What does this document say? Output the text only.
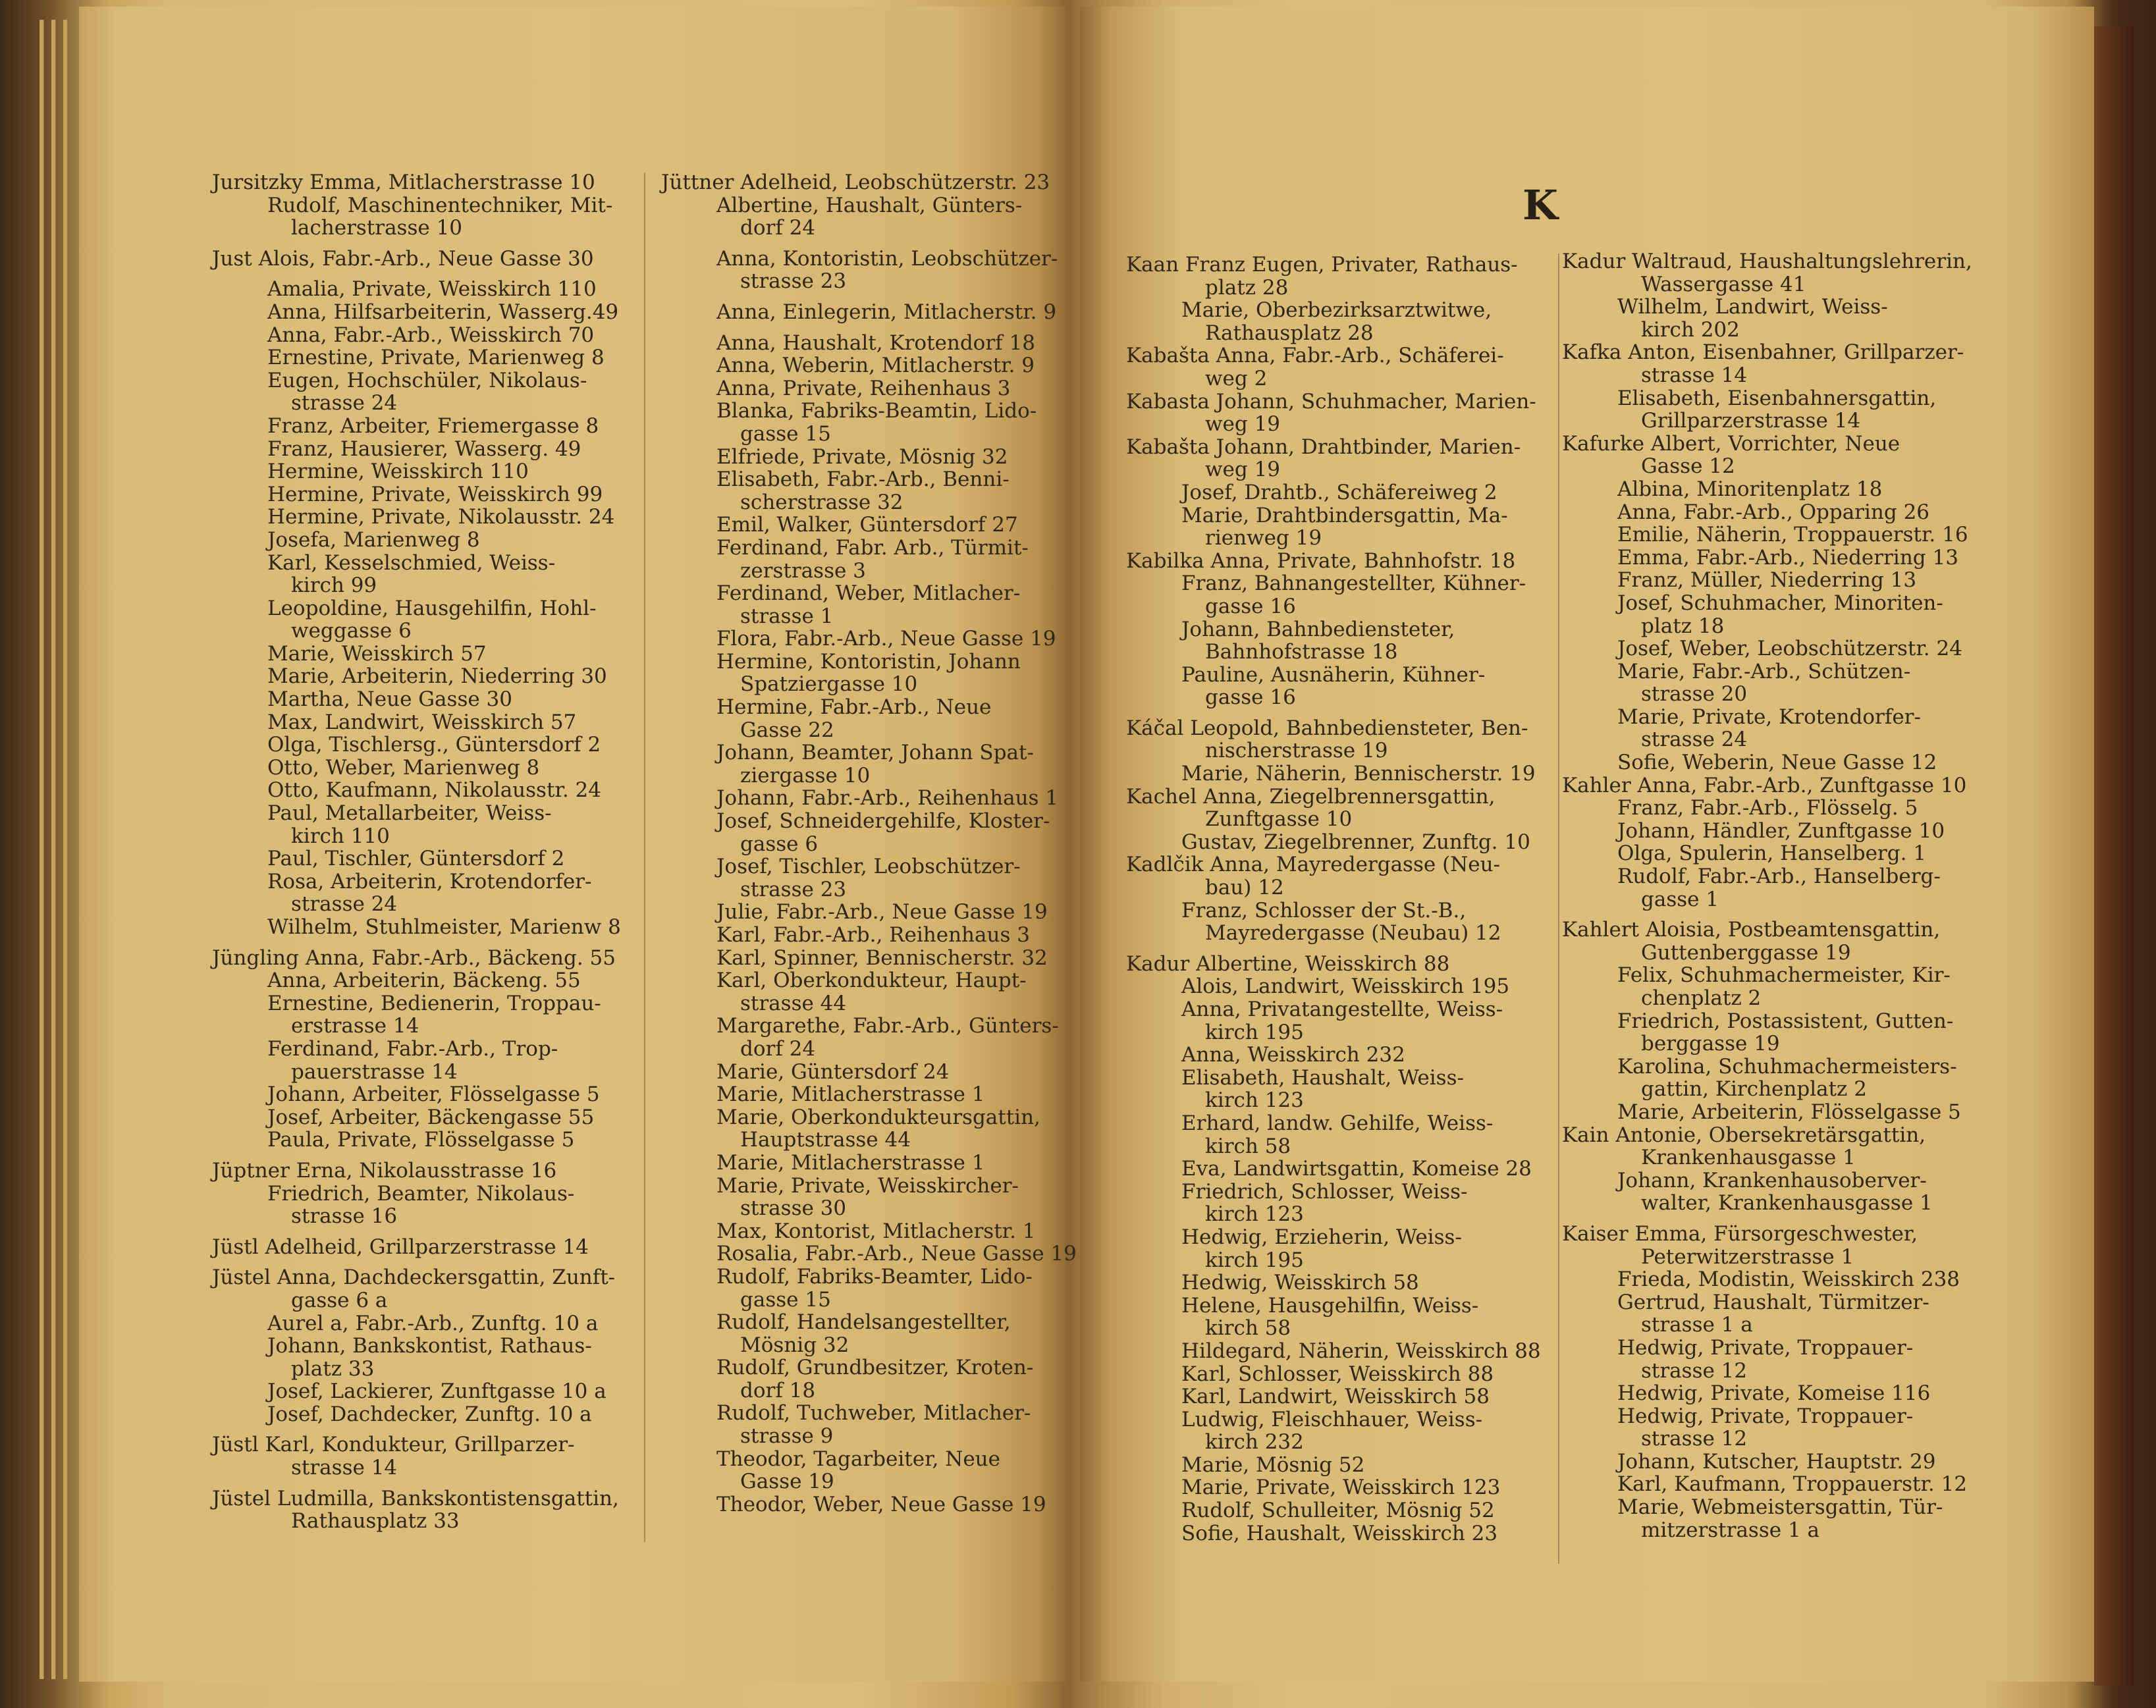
K
Jursitzky Emma, Mitlacherstrasse 10
Rudolf, Maschinentechniker, Mit-
lacherstrasse 10
Just Alois, Fabr.-Arb., Neue Gasse 30
Amalia, Private, Weisskirch 110
Anna, Hilfsarbeiterin, Wasserg.49
Anna, Fabr.-Arb., Weisskirch 70
Ernestine, Private, Marienweg 8
Eugen, Hochschüler, Nikolaus-
strasse 24
Franz, Arbeiter, Friemergasse 8
Franz, Hausierer, Wasserg. 49
Hermine, Weisskirch 110
Hermine, Private, Weisskirch 99
Hermine, Private, Nikolausstr. 24
Josefa, Marienweg 8
Karl, Kesselschmied, Weiss-
kirch 99
Leopoldine, Hausgehilfin, Hohl-
weggasse 6
Marie, Weisskirch 57
Marie, Arbeiterin, Niederring 30
Martha, Neue Gasse 30
Max, Landwirt, Weisskirch 57
Olga, Tischlersg., Güntersdorf 2
Otto, Weber, Marienweg 8
Otto, Kaufmann, Nikolausstr. 24
Paul, Metallarbeiter, Weiss-
kirch 110
Paul, Tischler, Güntersdorf 2
Rosa, Arbeiterin, Krotendorfer-
strasse 24
Wilhelm, Stuhlmeister, Marienw 8
Jüngling Anna, Fabr.-Arb., Bäckeng. 55
Anna, Arbeiterin, Bäckeng. 55
Ernestine, Bedienerin, Troppau-
erstrasse 14
Ferdinand, Fabr.-Arb., Trop-
pauerstrasse 14
Johann, Arbeiter, Flösselgasse 5
Josef, Arbeiter, Bäckengasse 55
Paula, Private, Flösselgasse 5
Jüptner Erna, Nikolausstrasse 16
Friedrich, Beamter, Nikolaus-
strasse 16
Jüstl Adelheid, Grillparzerstrasse 14
Jüstel Anna, Dachdeckersgattin, Zunft-
gasse 6 a
Aurel a, Fabr.-Arb., Zunftg. 10 a
Johann, Bankskontist, Rathaus-
platz 33
Josef, Lackierer, Zunftgasse 10 a
Josef, Dachdecker, Zunftg. 10 a
Jüstl Karl, Kondukteur, Grillparzer-
strasse 14
Jüstel Ludmilla, Bankskontistensgattin,
Rathausplatz 33
Jüttner Adelheid, Leobschützerstr. 23
Albertine, Haushalt, Günters-
dorf 24
Anna, Kontoristin, Leobschützer-
strasse 23
Anna, Einlegerin, Mitlacherstr. 9
Anna, Haushalt, Krotendorf 18
Anna, Weberin, Mitlacherstr. 9
Anna, Private, Reihenhaus 3
Blanka, Fabriks-Beamtin, Lido-
gasse 15
Elfriede, Private, Mösnig 32
Elisabeth, Fabr.-Arb., Benni-
scherstrasse 32
Emil, Walker, Güntersdorf 27
Ferdinand, Fabr. Arb., Türmit-
zerstrasse 3
Ferdinand, Weber, Mitlacher-
strasse 1
Flora, Fabr.-Arb., Neue Gasse 19
Hermine, Kontoristin, Johann
Spatziergasse 10
Hermine, Fabr.-Arb., Neue
Gasse 22
Johann, Beamter, Johann Spat-
ziergasse 10
Johann, Fabr.-Arb., Reihenhaus 1
Josef, Schneidergehilfe, Kloster-
gasse 6
Josef, Tischler, Leobschützer-
strasse 23
Julie, Fabr.-Arb., Neue Gasse 19
Karl, Fabr.-Arb., Reihenhaus 3
Karl, Spinner, Bennischerstr. 32
Karl, Oberkondukteur, Haupt-
strasse 44
Margarethe, Fabr.-Arb., Günters-
dorf 24
Marie, Güntersdorf 24
Marie, Mitlacherstrasse 1
Marie, Oberkondukteursgattin,
Hauptstrasse 44
Marie, Mitlacherstrasse 1
Marie, Private, Weisskircher-
strasse 30
Max, Kontorist, Mitlacherstr. 1
Rosalia, Fabr.-Arb., Neue Gasse 19
Rudolf, Fabriks-Beamter, Lido-
gasse 15
Rudolf, Handelsangestellter,
Mösnig 32
Rudolf, Grundbesitzer, Kroten-
dorf 18
Rudolf, Tuchweber, Mitlacher-
strasse 9
Theodor, Tagarbeiter, Neue
Gasse 19
Theodor, Weber, Neue Gasse 19
Kaan Franz Eugen, Privater, Rathaus-
platz 28
Marie, Oberbezirksarztwitwe,
Rathausplatz 28
Kabašta Anna, Fabr.-Arb., Schäferei-
weg 2
Kabasta Johann, Schuhmacher, Marien-
weg 19
Kabašta Johann, Drahtbinder, Marien-
weg 19
Josef, Drahtb., Schäfereiweg 2
Marie, Drahtbindersgattin, Ma-
rienweg 19
Kabilka Anna, Private, Bahnhofstr. 18
Franz, Bahnangestellter, Kühner-
gasse 16
Johann, Bahnbediensteter,
Bahnhofstrasse 18
Pauline, Ausnäherin, Kühner-
gasse 16
Káčal Leopold, Bahnbediensteter, Ben-
nischerstrasse 19
Marie, Näherin, Bennischerstr. 19
Kachel Anna, Ziegelbrennersgattin,
Zunftgasse 10
Gustav, Ziegelbrenner, Zunftg. 10
Kadlčik Anna, Mayredergasse (Neu-
bau) 12
Franz, Schlosser der St.-B.,
Mayredergasse (Neubau) 12
Kadur Albertine, Weisskirch 88
Alois, Landwirt, Weisskirch 195
Anna, Privatangestellte, Weiss-
kirch 195
Anna, Weisskirch 232
Elisabeth, Haushalt, Weiss-
kirch 123
Erhard, landw. Gehilfe, Weiss-
kirch 58
Eva, Landwirtsgattin, Komeise 28
Friedrich, Schlosser, Weiss-
kirch 123
Hedwig, Erzieherin, Weiss-
kirch 195
Hedwig, Weisskirch 58
Helene, Hausgehilfin, Weiss-
kirch 58
Hildegard, Näherin, Weisskirch 88
Karl, Schlosser, Weisskirch 88
Karl, Landwirt, Weisskirch 58
Ludwig, Fleischhauer, Weiss-
kirch 232
Marie, Mösnig 52
Marie, Private, Weisskirch 123
Rudolf, Schulleiter, Mösnig 52
Sofie, Haushalt, Weisskirch 23
Kadur Waltraud, Haushaltungslehrerin,
Wassergasse 41
Wilhelm, Landwirt, Weiss-
kirch 202
Kafka Anton, Eisenbahner, Grillparzer-
strasse 14
Elisabeth, Eisenbahnersgattin,
Grillparzerstrasse 14
Kafurke Albert, Vorrichter, Neue
Gasse 12
Albina, Minoritenplatz 18
Anna, Fabr.-Arb., Opparing 26
Emilie, Näherin, Troppauerstr. 16
Emma, Fabr.-Arb., Niederring 13
Franz, Müller, Niederring 13
Josef, Schuhmacher, Minoriten-
platz 18
Josef, Weber, Leobschützerstr. 24
Marie, Fabr.-Arb., Schützen-
strasse 20
Marie, Private, Krotendorfer-
strasse 24
Sofie, Weberin, Neue Gasse 12
Kahler Anna, Fabr.-Arb., Zunftgasse 10
Franz, Fabr.-Arb., Flösselg. 5
Johann, Händler, Zunftgasse 10
Olga, Spulerin, Hanselberg. 1
Rudolf, Fabr.-Arb., Hanselberg-
gasse 1
Kahlert Aloisia, Postbeamtensgattin,
Guttenberggasse 19
Felix, Schuhmachermeister, Kir-
chenplatz 2
Friedrich, Postassistent, Gutten-
berggasse 19
Karolina, Schuhmachermeisters-
gattin, Kirchenplatz 2
Marie, Arbeiterin, Flösselgasse 5
Kain Antonie, Obersekretärsgattin,
Krankenhausgasse 1
Johann, Krankenhausoberver-
walter, Krankenhausgasse 1
Kaiser Emma, Fürsorgeschwester,
Peterwitzerstrasse 1
Frieda, Modistin, Weisskirch 238
Gertrud, Haushalt, Türmitzer-
strasse 1 a
Hedwig, Private, Troppauer-
strasse 12
Hedwig, Private, Komeise 116
Hedwig, Private, Troppauer-
strasse 12
Johann, Kutscher, Hauptstr. 29
Karl, Kaufmann, Troppauerstr. 12
Marie, Webmeistersgattin, Tür-
mitzerstrasse 1 a
